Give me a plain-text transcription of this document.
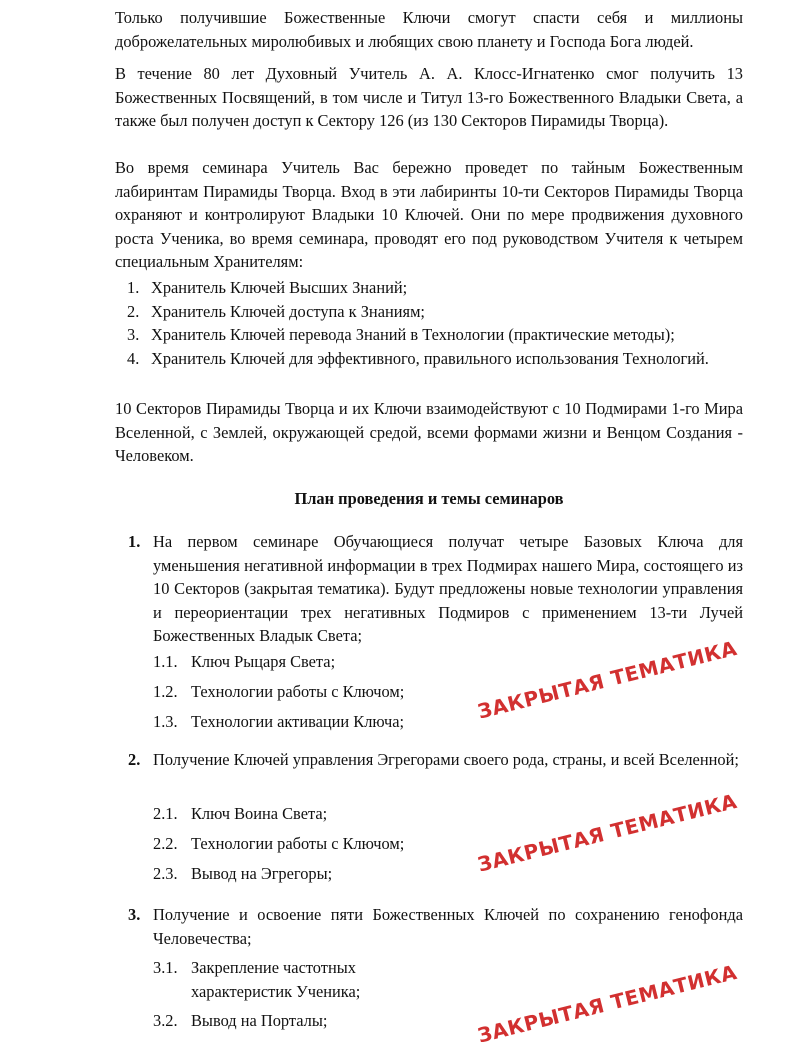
Только получившие Божественные Ключи смогут спасти себя и миллионы доброжелательных миролюбивых и любящих свою планету и Господа Бога людей.

В течение 80 лет Духовный Учитель А. А. Клосс-Игнатенко смог получить 13 Божественных Посвящений, в том числе и Титул 13-го Божественного Владыки Света, а также был получен доступ к Сектору 126 (из 130 Секторов Пирамиды Творца).

Во время семинара Учитель Вас бережно проведет по тайным Божественным лабиринтам Пирамиды Творца. Вход в эти лабиринты 10-ти Секторов Пирамиды Творца охраняют и контролируют Владыки 10 Ключей. Они по мере продвижения духовного роста Ученика, во время семинара, проводят его под руководством Учителя к четырем специальным Хранителям:

1. Хранитель Ключей Высших Знаний;
2. Хранитель Ключей доступа к Знаниям;
3. Хранитель Ключей перевода Знаний в Технологии (практические методы);
4. Хранитель Ключей для эффективного, правильного использования Технологий.

10 Секторов Пирамиды Творца и их Ключи взаимодействуют с 10 Подмирами 1-го Мира Вселенной, с Землей, окружающей средой, всеми формами жизни и Венцом Создания - Человеком.

План проведения и темы семинаров

1. На первом семинаре Обучающиеся получат четыре Базовых Ключа для уменьшения негативной информации в трех Подмирах нашего Мира, состоящего из 10 Секторов (закрытая тематика). Будут предложены новые технологии управления и переориентации трех негативных Подмиров с применением 13-ти Лучей Божественных Владык Света;
1.1. Ключ Рыцаря Света;
1.2. Технологии работы с Ключом;
1.3. Технологии активации Ключа;	ЗАКРЫТАЯ ТЕМАТИКА
2. Получение Ключей управления Эгрегорами своего рода, страны, и всей Вселенной;
2.1. Ключ Воина Света;
2.2. Технологии работы с Ключом;
2.3. Вывод на Эгрегоры;	ЗАКРЫТАЯ ТЕМАТИКА
3. Получение и освоение пяти Божественных Ключей по сохранению генофонда Человечества;
3.1. Закрепление частотных характеристик Ученика;
3.2. Вывод на Порталы;	ЗАКРЫТАЯ ТЕМАТИКА
